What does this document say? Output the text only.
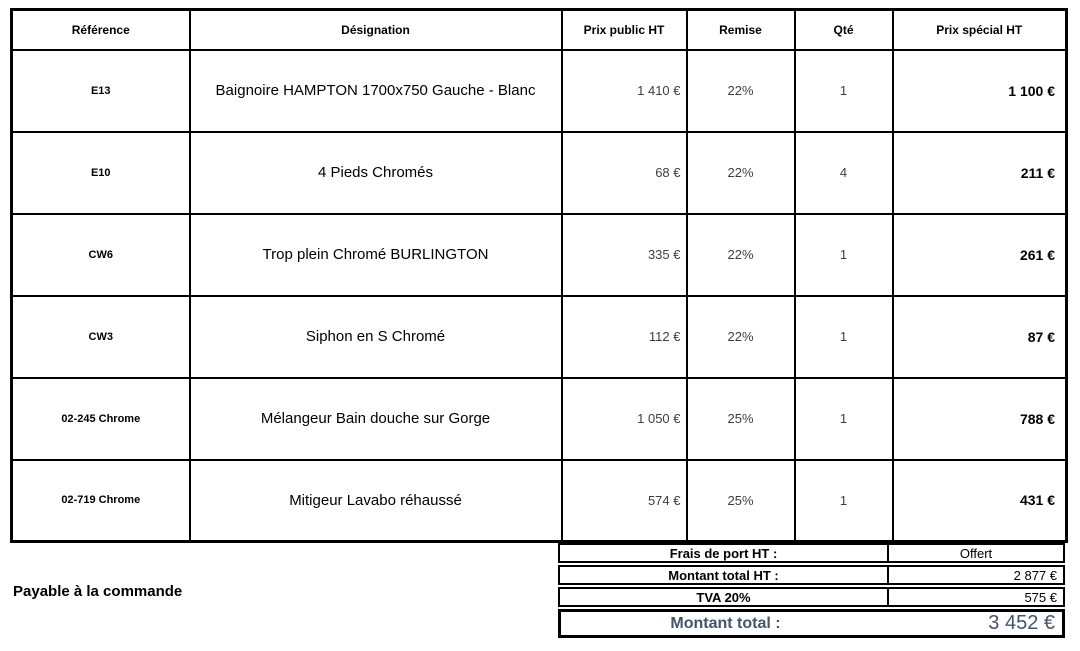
Référence	Désignation	Prix public HT	Remise	Qté	Prix spécial HT
E13	Baignoire HAMPTON 1700x750 Gauche - Blanc	1 410 €	22%	1	1 100 €
E10	4 Pieds Chromés	68 €	22%	4	211 €
CW6	Trop plein Chromé BURLINGTON	335 €	22%	1	261 €
CW3	Siphon en S Chromé	112 €	22%	1	87 €
02-245 Chrome	Mélangeur Bain douche sur Gorge	1 050 €	25%	1	788 €
02-719 Chrome	Mitigeur Lavabo réhaussé	574 €	25%	1	431 €
Frais de port HT :	Offert
Montant total HT :	2 877 €
TVA 20%	575 €
Montant total :	3 452 €
Payable à la commande
